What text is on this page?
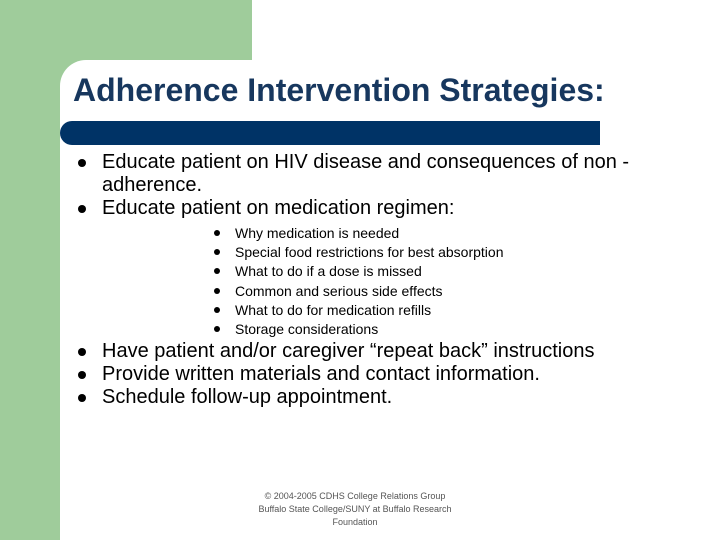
Adherence Intervention Strategies:
Educate patient on HIV disease and consequences of non -adherence.
Educate patient on medication regimen:
Why medication is needed
Special food restrictions for best absorption
What to do if a dose is missed
Common and serious side effects
What to do for medication refills
Storage considerations
Have patient and/or caregiver “repeat back” instructions
Provide written materials and contact information.
Schedule follow-up appointment.
© 2004-2005 CDHS College Relations Group
Buffalo State College/SUNY at Buffalo Research
Foundation
